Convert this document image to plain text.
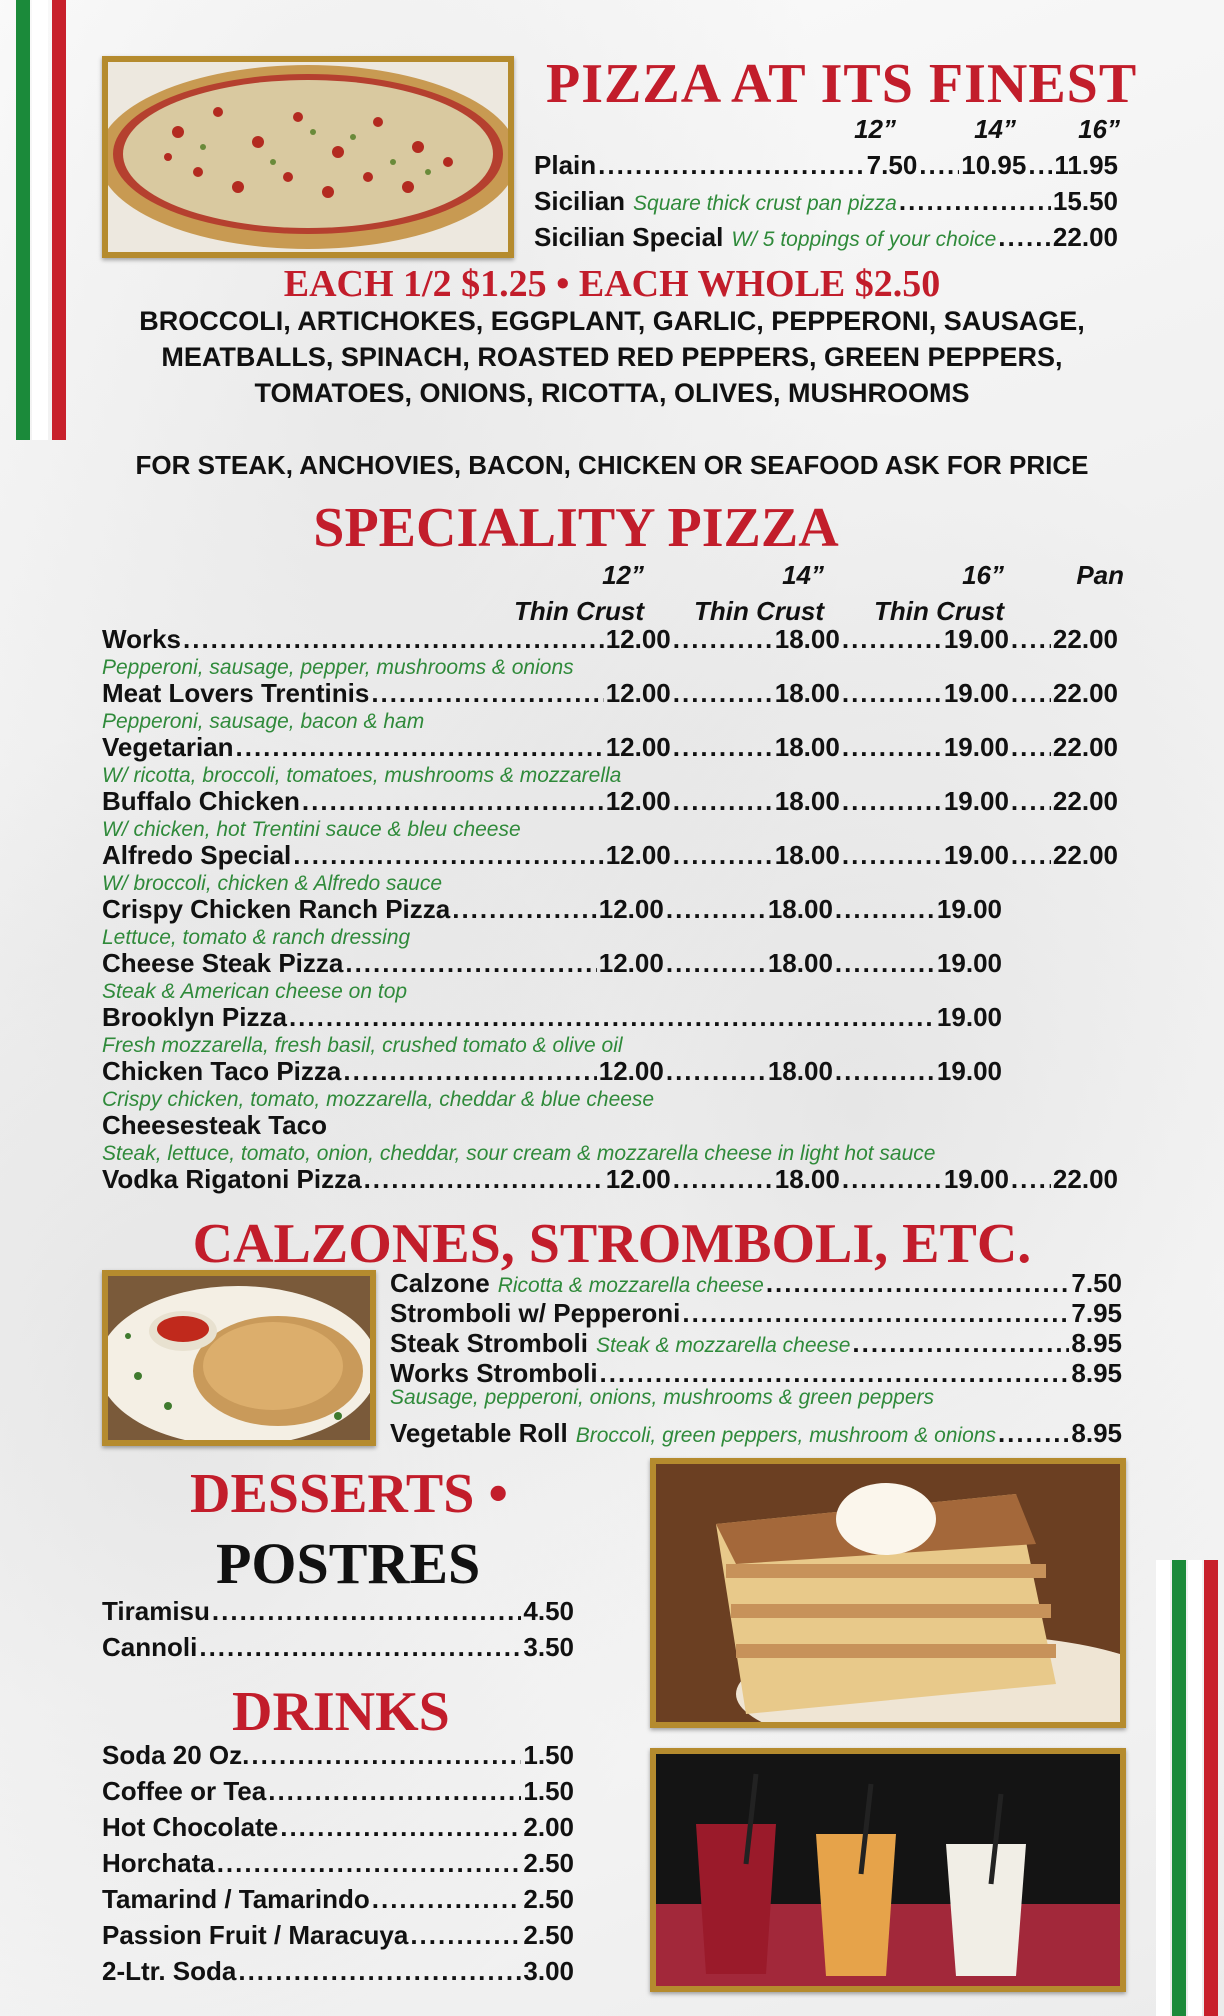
PIZZA AT ITS FINEST
12”	14”	16”
Plain .....	7.50 ..... 10.95 ..... 11.95
Sicilian Square thick crust pan pizza .....	15.50
Sicilian Special W/ 5 toppings of your choice ..... 22.00
EACH 1/2 $1.25 • EACH WHOLE $2.50
BROCCOLI, ARTICHOKES, EGGPLANT, GARLIC, PEPPERONI, SAUSAGE,
MEATBALLS, SPINACH, ROASTED RED PEPPERS, GREEN PEPPERS,
TOMATOES, ONIONS, RICOTTA, OLIVES, MUSHROOMS
FOR STEAK, ANCHOVIES, BACON, CHICKEN OR SEAFOOD ASK FOR PRICE
SPECIALITY PIZZA
12”	14”	16”	Pan
Thin Crust	Thin Crust	Thin Crust
Works .....	12.00 .....	18.00 .....	19.00 ..... 22.00
Pepperoni, sausage, pepper, mushrooms & onions
Meat Lovers Trentinis .....	12.00 .....	18.00 .....	19.00 ..... 22.00
Pepperoni, sausage, bacon & ham
Vegetarian .....	12.00 .....	18.00 .....	19.00 ..... 22.00
W/ ricotta, broccoli, tomatoes, mushrooms & mozzarella
Buffalo Chicken .....	12.00 .....	18.00 .....	19.00 ..... 22.00
W/ chicken, hot Trentini sauce & bleu cheese
Alfredo Special .....	12.00 .....	18.00 .....	19.00 ..... 22.00
W/ broccoli, chicken & Alfredo sauce
Crispy Chicken Ranch Pizza .....	12.00 .....	18.00 .....	19.00
Lettuce, tomato & ranch dressing
Cheese Steak Pizza .....	12.00 .....	18.00 .....	19.00
Steak & American cheese on top
Brooklyn Pizza .....	19.00
Fresh mozzarella, fresh basil, crushed tomato & olive oil
Chicken Taco Pizza .....	12.00 .....	18.00 .....	19.00
Crispy chicken, tomato, mozzarella, cheddar & blue cheese
Cheesesteak Taco
Steak, lettuce, tomato, onion, cheddar, sour cream & mozzarella cheese in light hot sauce
Vodka Rigatoni Pizza .....	12.00 .....	18.00 .....	19.00 ..... 22.00
CALZONES, STROMBOLI, ETC.
Calzone Ricotta & mozzarella cheese .....	7.50
Stromboli w/ Pepperoni .....	7.95
Steak Stromboli Steak & mozzarella cheese .....	8.95
Works Stromboli .....	8.95
Vegetable Roll Broccoli, green peppers, mushroom & onions .....	8.95
Sausage, pepperoni, onions, mushrooms & green peppers
DESSERTS •
POSTRES
Tiramisu .....	4.50
Cannoli .....	3.50
DRINKS
Soda 20 Oz. .....	1.50
Coffee or Tea .....	1.50
Hot Chocolate .....	2.00
Horchata .....	2.50
Tamarind / Tamarindo .....	2.50
Passion Fruit / Maracuya .....	2.50
2-Ltr. Soda .....	3.00
